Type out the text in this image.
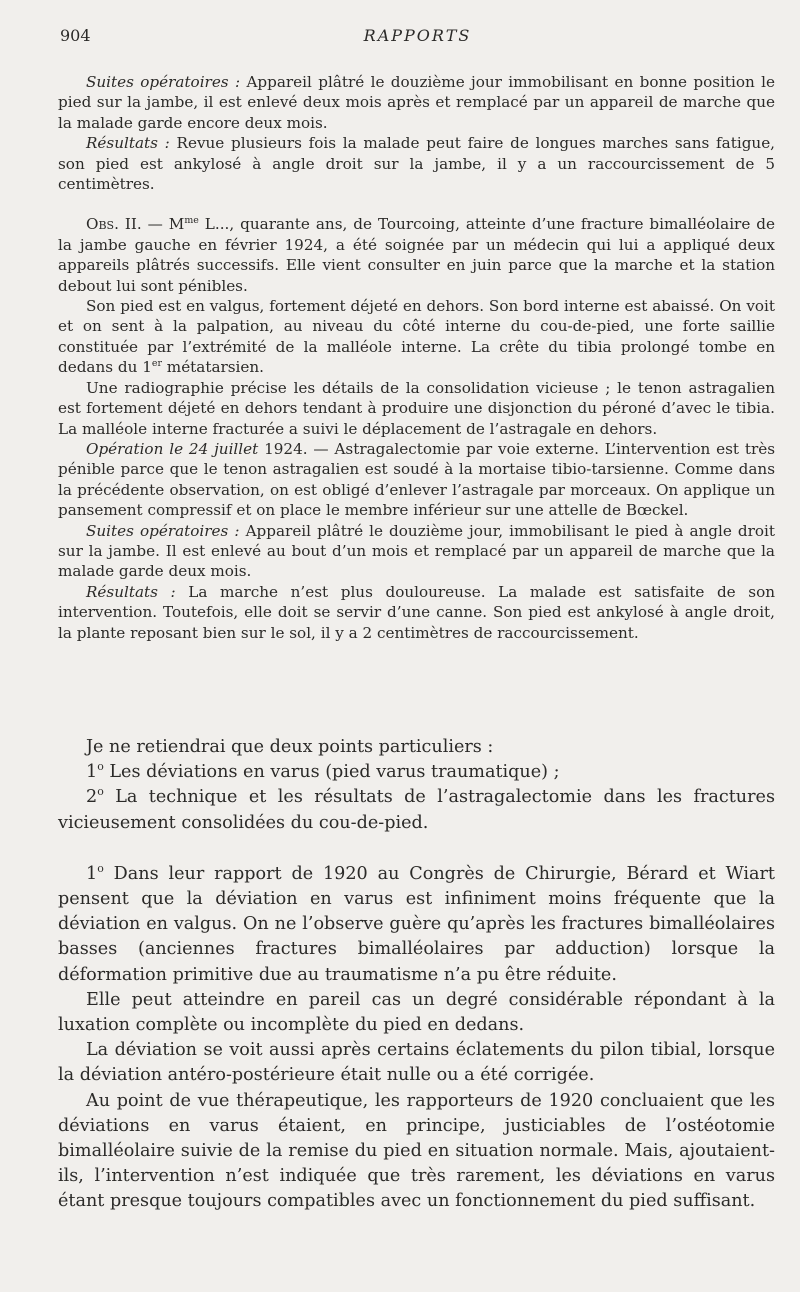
904	RAPPORTS

Suites opératoires : Appareil plâtré le douzième jour immobilisant en bonne position le pied sur la jambe, il est enlevé deux mois après et remplacé par un appareil de marche que la malade garde encore deux mois.

Résultats : Revue plusieurs fois la malade peut faire de longues marches sans fatigue, son pied est ankylosé à angle droit sur la jambe, il y a un raccourcissement de 5 centimètres.

Obs. II. — $M^{me}$ L..., quarante ans, de Tourcoing, atteinte d’une fracture bimalléolaire de la jambe gauche en février 1924, a été soignée par un médecin qui lui a appliqué deux appareils plâtrés successifs. Elle vient consulter en juin parce que la marche et la station debout lui sont pénibles.

Son pied est en valgus, fortement déjeté en dehors. Son bord interne est abaissé. On voit et on sent à la palpation, au niveau du côté interne du cou-de-pied, une forte saillie constituée par l’extrémité de la malléole interne. La crête du tibia prolongé tombe en dedans du 1er métatarsien.

Une radiographie précise les détails de la consolidation vicieuse ; le tenon astragalien est fortement déjeté en dehors tendant à produire une disjonction du péroné d’avec le tibia. La malléole interne fracturée a suivi le déplacement de l’astragale en dehors.

Opération le 24 juillet 1924. — Astragalectomie par voie externe. L’intervention est très pénible parce que le tenon astragalien est soudé à la mortaise tibio-tarsienne. Comme dans la précédente observation, on est obligé d’enlever l’astragale par morceaux. On applique un pansement compressif et on place le membre inférieur sur une attelle de Bœckel.

Suites opératoires : Appareil plâtré le douzième jour, immobilisant le pied à angle droit sur la jambe. Il est enlevé au bout d’un mois et remplacé par un appareil de marche que la malade garde deux mois.

Résultats : La marche n’est plus douloureuse. La malade est satisfaite de son intervention. Toutefois, elle doit se servir d’une canne. Son pied est ankylosé à angle droit, la plante reposant bien sur le sol, il y a 2 centimètres de raccourcissement.

Je ne retiendrai que deux points particuliers :

1$^o$ Les déviations en varus (pied varus traumatique) ;

2$^o$ La technique et les résultats de l’astragalectomie dans les fractures vicieusement consolidées du cou-de-pied.

1$^o$ Dans leur rapport de 1920 au Congrès de Chirurgie, Bérard et Wiart pensent que la déviation en varus est infiniment moins fréquente que la déviation en valgus. On ne l’observe guère qu’après les fractures bimalléolaires basses (anciennes fractures bimalléolaires par adduction) lorsque la déformation primitive due au traumatisme n’a pu être réduite.

Elle peut atteindre en pareil cas un degré considérable répondant à la luxation complète ou incomplète du pied en dedans.

La déviation se voit aussi après certains éclatements du pilon tibial, lorsque la déviation antéro-postérieure était nulle ou a été corrigée.

Au point de vue thérapeutique, les rapporteurs de 1920 concluaient que les déviations en varus étaient, en principe, justiciables de l’ostéotomie bimalléolaire suivie de la remise du pied en situation normale. Mais, ajoutaient-ils, l’intervention n’est indiquée que très rarement, les déviations en varus étant presque toujours compatibles avec un fonctionnement du pied suffisant.
